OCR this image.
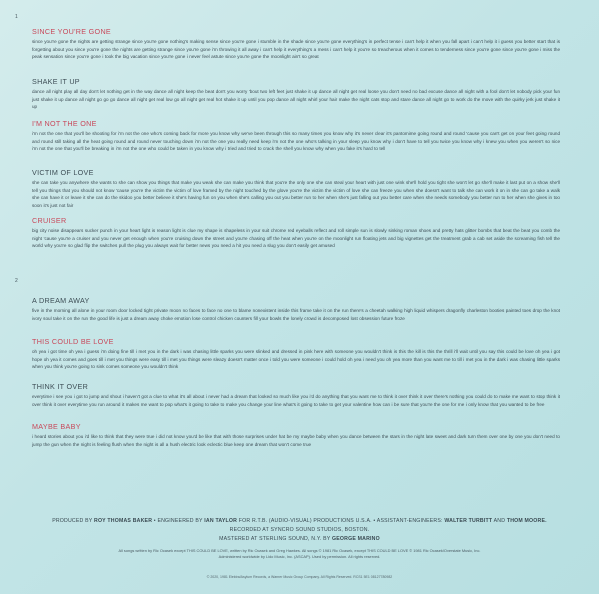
1
SINCE YOU'RE GONE

since you're gone the nights are getting strange since you're gone nothing's making sense since you're gone i stumble in the shade since you're gone everything's in perfect tense i can't help it when you fall apart i can't help it i guess you better start that is forgetting about you since you're gone the nights are getting strange since you're gone i'm throwing it all away i can't help it everything's a mess i can't help it you're so treacherous when it comes to tenderness since you're gone since you're gone i miss the peak sensation since you're gone i took the big vacation since you're gone i never feel astute since you're gone the moonlight ain't so great

SHAKE IT UP

dance all night play all day don't let nothing get in the way dance all night keep the beat don't you worry 'bout two left feet just shake it up dance all night get real loose you don't need no bad excuse dance all night with a fool don't let nobody pick your fun just shake it up dance all night go go go dance all night get real low go all night get real hot shake it up until you pop dance all night whirl your hair make the night cats stop and stare dance all night go to work do the move with the quirky jerk just shake it up

I'M NOT THE ONE

i'm not the one that you'll be shooting for i'm not the one who's coming back for more you know why we've been through this so many times you know why it's never clear it's pantomime going round and round 'cause you can't get on your feet going round and round still taking all the heat going round and round never touching down i'm not the one you really need keep i'm not the one who's talking in your sleep you know why i don't have to tell you twice you know why i knew you when you weren't so nice i'm not the one that you'll be breaking in i'm not the one who could be taken in you know why i tried and tried to crack the shell you know why when you fake it's hard to tell

VICTIM OF LOVE

she can take you anywhere she wants to she can show you things that make you weak she can make you think that you're the only one she can steal your heart with just one wink she'll hold you tight she won't let go she'll make it last put on a show she'll tell you things that you should not know 'cause you're the victim the victim of love framed by the night touched by the glove you're the victim the victim of love she can freeze you when she doesn't want to talk she can work it on in she can go take a walk she can have it or leave it she can do the skidoo you better believe it she's having fun on you when she's calling you out you better run to her when she's just falling out you better care when she needs somebody you better run to her when she gives in too soon it's just not fair

CRUISER

big city noise disappears sucker punch in your heart light is reason light is clue my shape is shapeless in your suit chrome red eyeballs reflect and roll simple sun is slowly sinking roman shoes and pretty hats glitter bombs that beat the beat you comb the night 'cause you're a cruiser and you never get enough when you're cruising down the street and you're chasing off the heat when you're on the moonlight run floating jets and big vignettes get the treatment grab a cab set aside the screaming fish tell the world why you're so glad flip the switches pull the plug you always wait for better news you need a hit you need a slug you don't easily get amused

2
A DREAM AWAY

five in the morning all alone in your room door locked tight private moon no faces to face no one to blame nonexistent inside this frame take it on the run there's a cheetah walking high liquid whispers dragonfly charleston booties painted toes drop the knot ivory soul take it on the run the good life is just a dream away choke emotion lose control chicken counters fill your bowls the lonely crowd is decomposed lost obsession future froze

THIS COULD BE LOVE

oh yea i got time oh yea i guess i'm doing fine till i met you in the dark i was chasing little sparks you were slinked and dressed in pink here with someone you wouldn't think is this the kill is this the thrill i'll wait until you say this could be love oh yea i got hope oh yea it comes and goes till i met you things were easy till i met you things were sleazy doesn't matter once i told you were someone i could hold oh yea i need you oh yea more than you want me to till i met you in the dark i was chasing little sparks when you think you're going to sink comes someone you wouldn't think

THINK IT OVER

everytime i see you i got to jump and shout i haven't got a clue to what it's all about i never had a dream that looked so much like you i'd do anything that you want me to think it over think it over there's nothing you could do to make me want to stop think it over think it over everytime you run around it makes me want to pop what's it going to take to make you change your line what's it going to take to get your valentine how can i be sure that you're the one for me i only know that you wanted to be free

MAYBE BABY

i heard stories about you i'd like to think that they were true i did not know you'd be like that with those surprises under hat be my maybe baby when you dance between the stars in the night late sweet and dark turn them over one by one you don't need to jump the gun when the night is feeling flush when the night is all a hush electric look eclectic blue keep one dream that won't come true

PRODUCED BY ROY THOMAS BAKER • ENGINEERED BY IAN TAYLOR FOR R.T.B. (AUDIO-VISUAL) PRODUCTIONS U.S.A. • ASSISTANT-ENGINEERS: WALTER TURBITT AND THOM MOORE.
RECORDED AT SYNCRO SOUND STUDIOS, BOSTON.
MASTERED AT STERLING SOUND, N.Y. BY GEORGE MARINO
All songs written by Ric Ocasek except THIS COULD BE LOVE, written by Ric Ocasek and Greg Hawkes. All songs © 1981 Ric Ocasek, except THIS COULD BE LOVE © 1981 Ric Ocasek/Overstate Music, Inc.
Administered worldwide by Lido Music, Inc. (ASCAP). Used by permission. All rights reserved.
© 2020, 1981 Elektra/Asylum Records, a Warner Music Group Company. All Rights Reserved. RCS1 5E1 08127780982
